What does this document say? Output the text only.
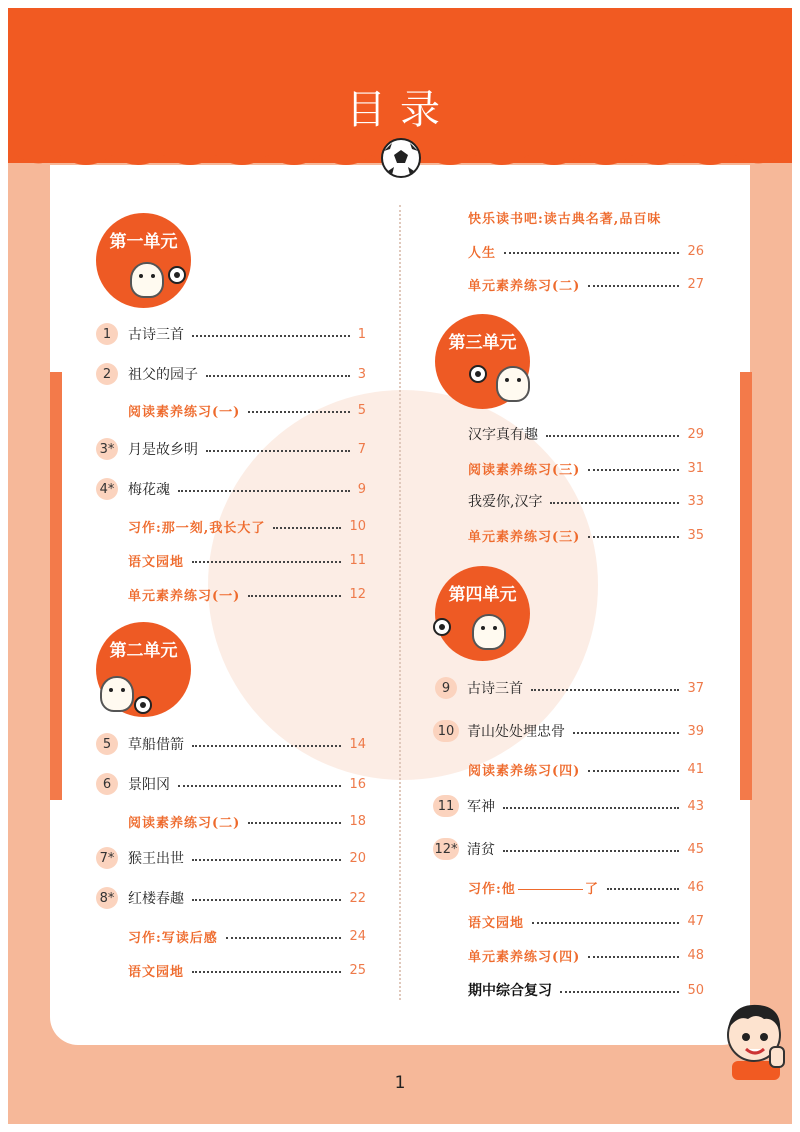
目录
第一单元
第二单元
第三单元
第四单元
1	古诗三首	1
2	祖父的园子	3
阅读素养练习(一)	5
3* 月是故乡明	7
4* 梅花魂	9
习作:那一刻,我长大了	10
语文园地	11
单元素养练习(一)	12
5	草船借箭	14
6	景阳冈	16
阅读素养练习(二)	18
7* 猴王出世	20
8* 红楼春趣	22
习作:写读后感	24
语文园地	25
快乐读书吧:读古典名著,品百味
人生	26
单元素养练习(二)	27
汉字真有趣	29
阅读素养练习(三)	31
我爱你,汉字	33
单元素养练习(三)	35
9	古诗三首	37
10 青山处处埋忠骨	39
阅读素养练习(四)	41
11 军神	43
12* 清贫	45
习作:他	了	46
语文园地	47
单元素养练习(四)	48
期中综合复习	50
1
